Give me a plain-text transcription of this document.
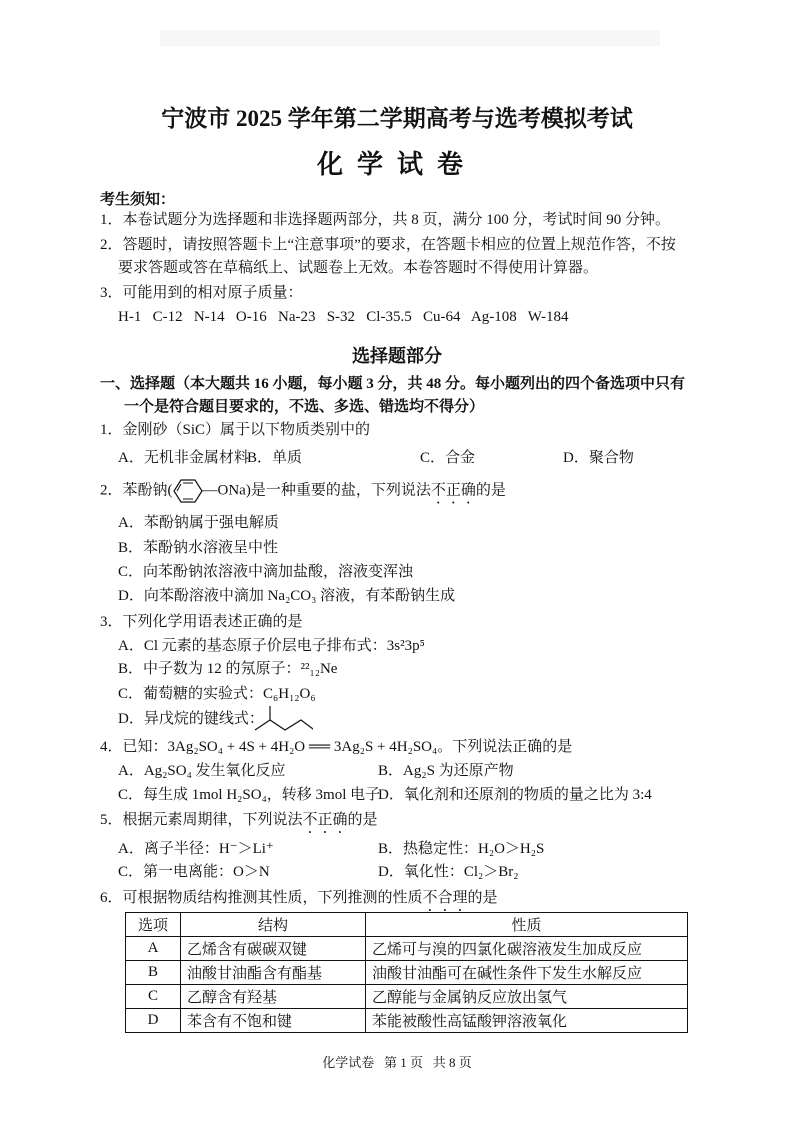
宁波市 2025 学年第二学期高考与选考模拟考试
化学试卷
考生须知：
1．本卷试题分为选择题和非选择题两部分，共 8 页，满分 100 分，考试时间 90 分钟。
2．答题时，请按照答题卡上“注意事项”的要求，在答题卡相应的位置上规范作答，不按
要求答题或答在草稿纸上、试题卷上无效。本卷答题时不得使用计算器。
3．可能用到的相对原子质量：
H-1   C-12   N-14   O-16   Na-23   S-32   Cl-35.5   Cu-64   Ag-108   W-184
选择题部分
一、选择题（本大题共 16 小题，每小题 3 分，共 48 分。每小题列出的四个备选项中只有
一个是符合题目要求的，不选、多选、错选均不得分）
1．金刚砂（SiC）属于以下物质类别中的
A．无机非金属材料
B．单质	C．合金	D．聚合物
2．苯酚钠( —ONa)是一种重要的盐，下列说法不正确的是
A．苯酚钠属于强电解质
B．苯酚钠水溶液呈中性
C．向苯酚钠浓溶液中滴加盐酸，溶液变浑浊
D．向苯酚溶液中滴加 Na₂CO₃ 溶液，有苯酚钠生成
3．下列化学用语表述正确的是
A．Cl 元素的基态原子价层电子排布式：3s²3p⁵
B．中子数为 12 的氖原子：²²₁₂Ne
C．葡萄糖的实验式：C₆H₁₂O₆
D．异戊烷的键线式：
4．已知：3Ag₂SO₄ + 4S + 4H₂O ══ 3Ag₂S + 4H₂SO₄。下列说法正确的是
A．Ag₂SO₄ 发生氧化反应	B．Ag₂S 为还原产物
C．每生成 1mol H₂SO₄，转移 3mol 电子
D．氧化剂和还原剂的物质的量之比为 3:4
5．根据元素周期律，下列说法不正确的是
A．离子半径：H⁻＞Li⁺	B．热稳定性：H₂O＞H₂S
C．第一电离能：O＞N	D．氧化性：Cl₂＞Br₂
6．可根据物质结构推测其性质，下列推测的性质不合理的是
选项	结构	性质
A	乙烯含有碳碳双键	乙烯可与溴的四氯化碳溶液发生加成反应
B	油酸甘油酯含有酯基	油酸甘油酯可在碱性条件下发生水解反应
C	乙醇含有羟基	乙醇能与金属钠反应放出氢气
D	苯含有不饱和键	苯能被酸性高锰酸钾溶液氧化
化学试卷   第 1 页   共 8 页
